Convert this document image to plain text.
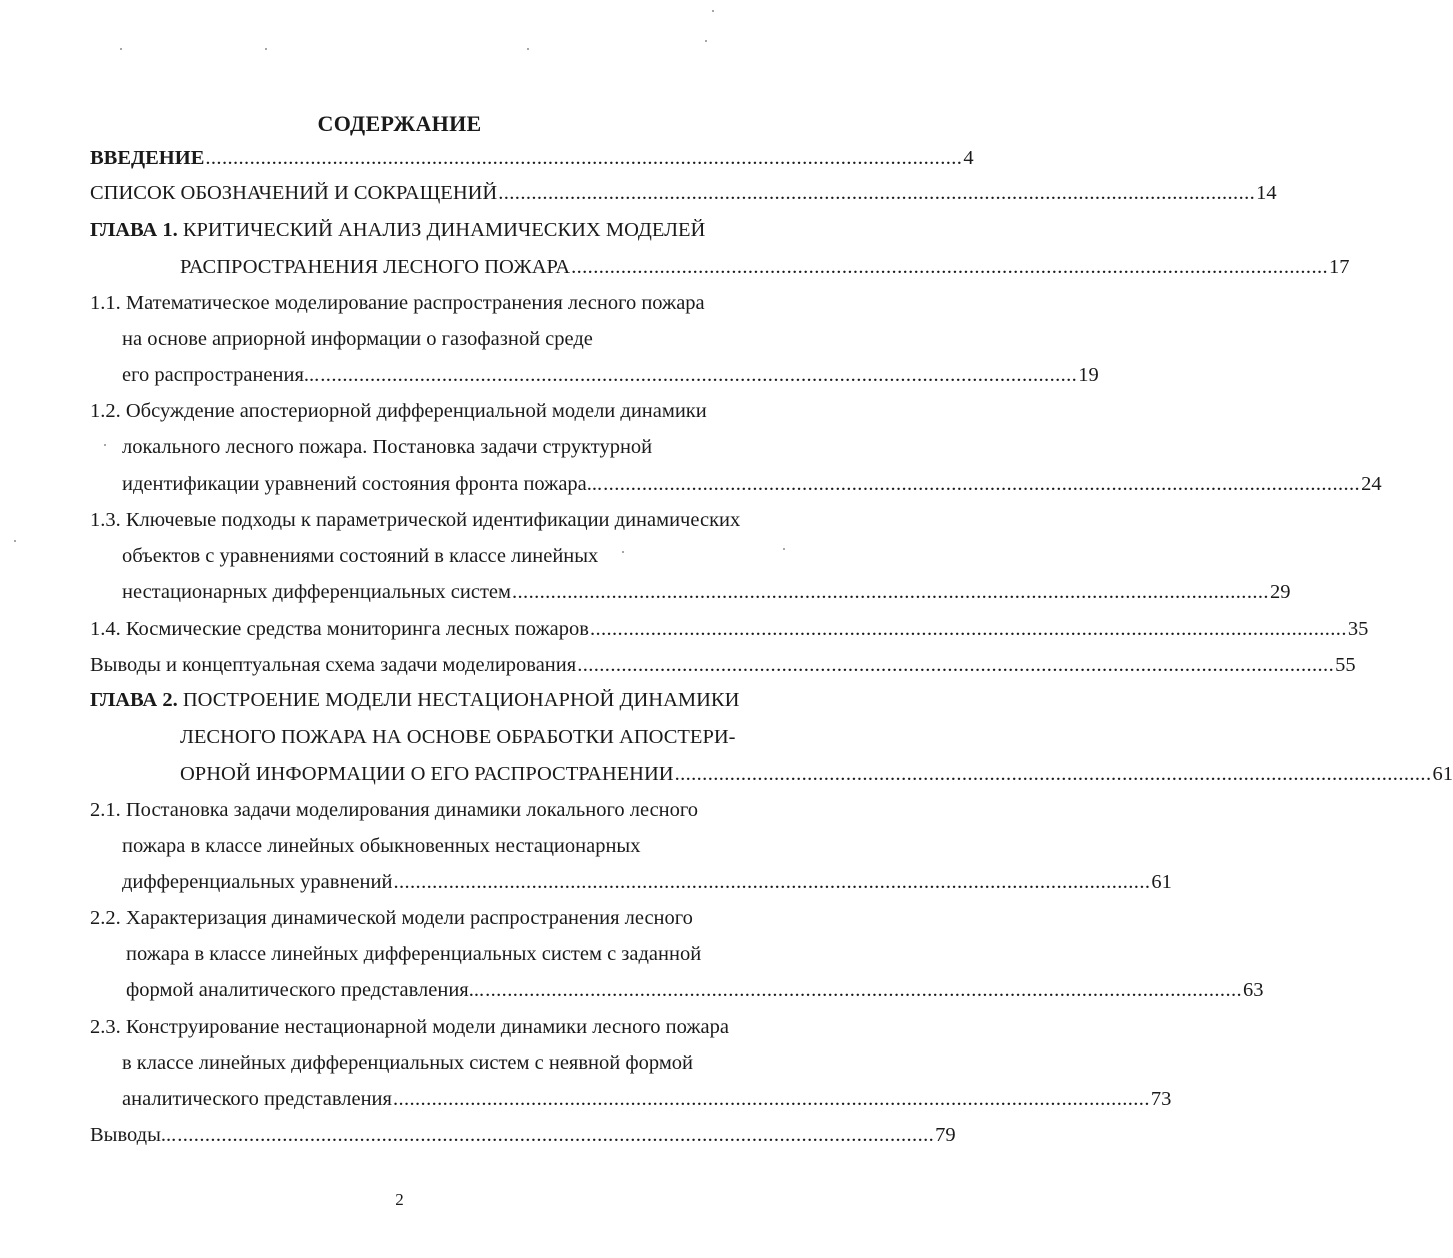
СОДЕРЖАНИЕ
ВВЕДЕНИЕ ......................................................................................................................................... 4
СПИСОК ОБОЗНАЧЕНИЙ И СОКРАЩЕНИЙ ......................................................................................................................................... 14
ГЛАВА 1. КРИТИЧЕСКИЙ АНАЛИЗ ДИНАМИЧЕСКИХ МОДЕЛЕЙ
РАСПРОСТРАНЕНИЯ ЛЕСНОГО ПОЖАРА ......................................................................................................................................... 17
1.1. Математическое моделирование распространения лесного пожара
на основе априорной информации о газофазной среде
его распространения... ......................................................................................................................................... 19
1.2. Обсуждение апостериорной дифференциальной модели динамики
локального лесного пожара. Постановка задачи структурной
идентификации уравнений состояния фронта пожара... ......................................................................................................................................... 24
1.3. Ключевые подходы к параметрической идентификации динамических
объектов с уравнениями состояний в классе линейных
нестационарных дифференциальных систем ......................................................................................................................................... 29
1.4. Космические средства мониторинга лесных пожаров ......................................................................................................................................... 35
Выводы и концептуальная схема задачи моделирования ......................................................................................................................................... 55
ГЛАВА 2. ПОСТРОЕНИЕ МОДЕЛИ НЕСТАЦИОНАРНОЙ ДИНАМИКИ
ЛЕСНОГО ПОЖАРА НА ОСНОВЕ ОБРАБОТКИ АПОСТЕРИ-
ОРНОЙ ИНФОРМАЦИИ О ЕГО РАСПРОСТРАНЕНИИ ......................................................................................................................................... 61
2.1. Постановка задачи моделирования динамики локального лесного
пожара в классе линейных обыкновенных нестационарных
дифференциальных уравнений ......................................................................................................................................... 61
2.2. Характеризация динамической модели распространения лесного
пожара в классе линейных дифференциальных систем с заданной
формой аналитического представления... ......................................................................................................................................... 63
2.3. Конструирование нестационарной модели динамики лесного пожара
в классе линейных дифференциальных систем с неявной формой
аналитического представления ......................................................................................................................................... 73
Выводы... ......................................................................................................................................... 79
2
